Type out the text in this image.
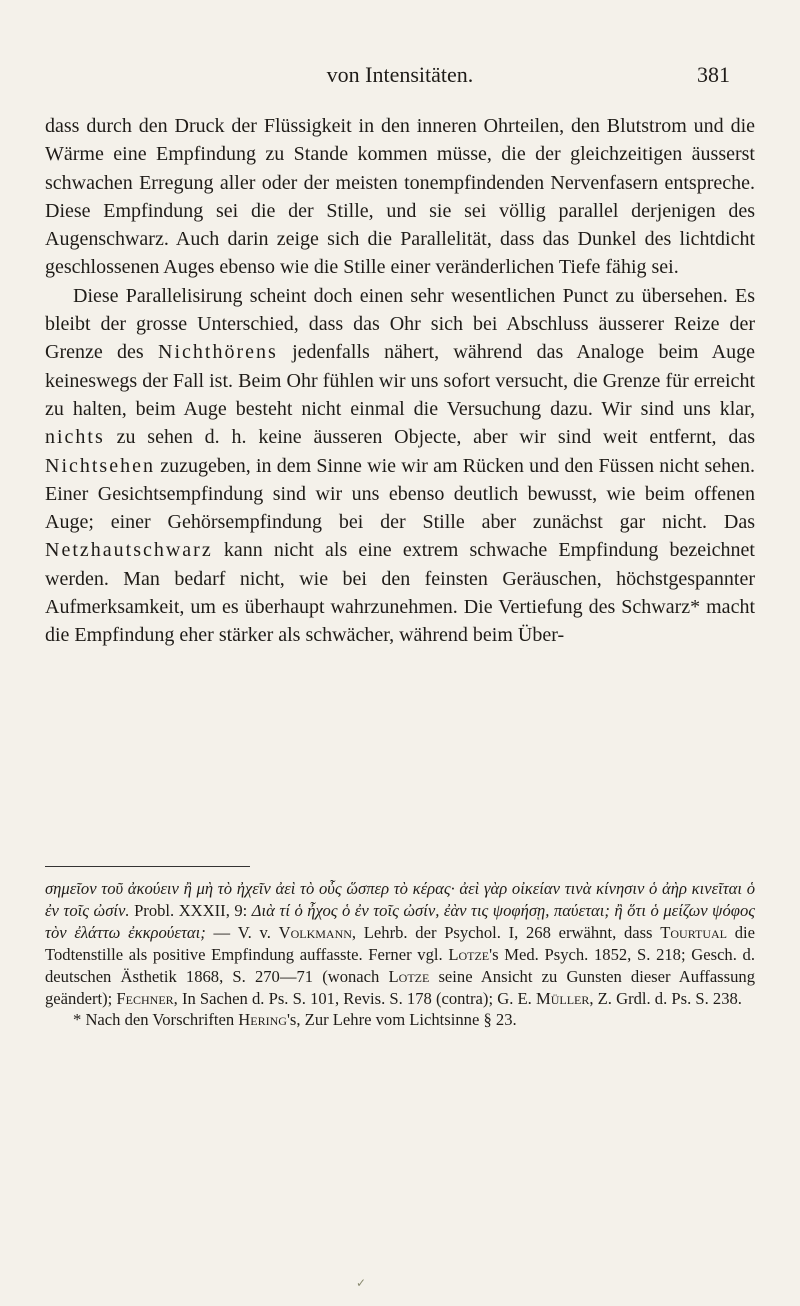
von Intensitäten.	381

dass durch den Druck der Flüssigkeit in den inneren Ohrteilen, den Blutstrom und die Wärme eine Empfindung zu Stande kommen müsse, die der gleichzeitigen äusserst schwachen Erregung aller oder der meisten tonempfindenden Nervenfasern entspreche. Diese Empfindung sei die der Stille, und sie sei völlig parallel derjenigen des Augenschwarz. Auch darin zeige sich die Parallelität, dass das Dunkel des lichtdicht geschlossenen Auges ebenso wie die Stille einer veränderlichen Tiefe fähig sei.

Diese Parallelisirung scheint doch einen sehr wesentlichen Punct zu übersehen. Es bleibt der grosse Unterschied, dass das Ohr sich bei Abschluss äusserer Reize der Grenze des Nichthörens jedenfalls nähert, während das Analoge beim Auge keineswegs der Fall ist. Beim Ohr fühlen wir uns sofort versucht, die Grenze für erreicht zu halten, beim Auge besteht nicht einmal die Versuchung dazu. Wir sind uns klar, nichts zu sehen d. h. keine äusseren Objecte, aber wir sind weit entfernt, das Nichtsehen zuzugeben, in dem Sinne wie wir am Rücken und den Füssen nicht sehen. Einer Gesichtsempfindung sind wir uns ebenso deutlich bewusst, wie beim offenen Auge; einer Gehörsempfindung bei der Stille aber zunächst gar nicht. Das Netzhautschwarz kann nicht als eine extrem schwache Empfindung bezeichnet werden. Man bedarf nicht, wie bei den feinsten Geräuschen, höchstgespannter Aufmerksamkeit, um es überhaupt wahrzunehmen. Die Vertiefung des Schwarz* macht die Empfindung eher stärker als schwächer, während beim Über-

σημεῖον τοῦ ἀκούειν ἢ μὴ τὸ ἠχεῖν ἀεὶ τὸ οὖς ὥσπερ τὸ κέρας· ἀεὶ γὰρ οἰκείαν τινὰ κίνησιν ὁ ἀὴρ κινεῖται ὁ ἐν τοῖς ὠσίν. Probl. XXXII, 9: Διὰ τί ὁ ἦχος ὁ ἐν τοῖς ὠσίν, ἐὰν τις ψοφήσῃ, παύεται; ἢ ὅτι ὁ μείζων ψόφος τὸν ἐλάττω ἐκκρούεται; — V. v. Volkmann, Lehrb. der Psychol. I, 268 erwähnt, dass Tourtual die Todtenstille als positive Empfindung auffasste. Ferner vgl. Lotze's Med. Psych. 1852, S. 218; Gesch. d. deutschen Ästhetik 1868, S. 270—71 (wonach Lotze seine Ansicht zu Gunsten dieser Auffassung geändert); Fechner, In Sachen d. Ps. S. 101, Revis. S. 178 (contra); G. E. Müller, Z. Grdl. d. Ps. S. 238.

* Nach den Vorschriften Hering's, Zur Lehre vom Lichtsinne § 23.

✓
